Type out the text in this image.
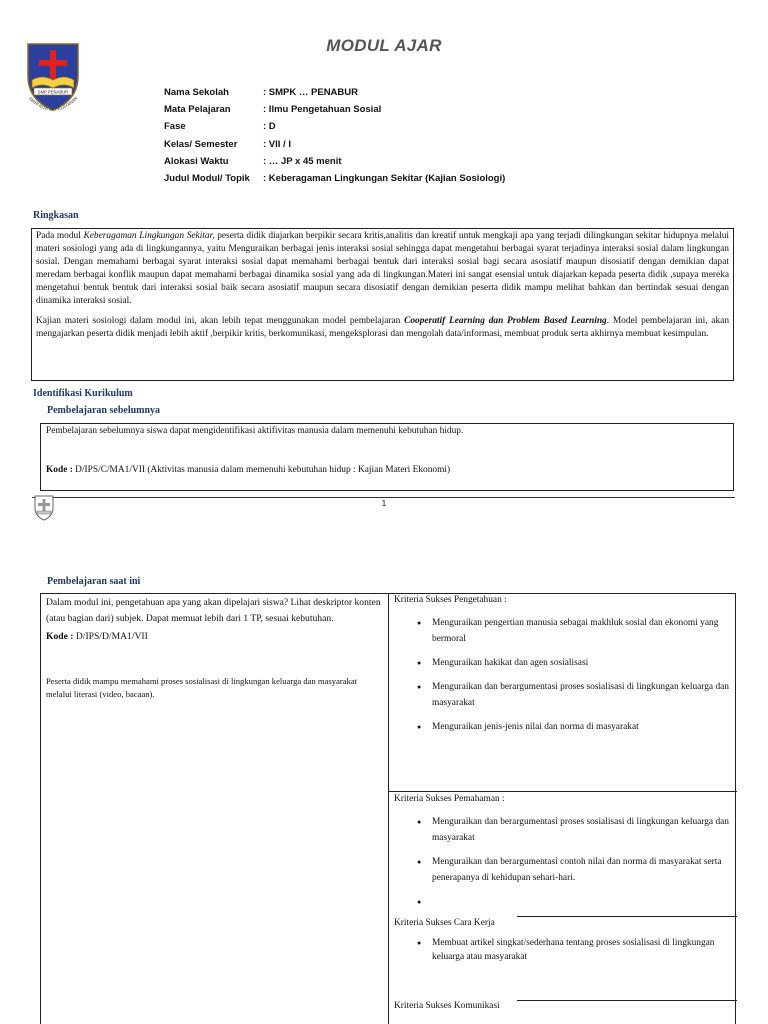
MODUL AJAR
SMP PENABUR
MARI KITA INI PELAYANAN
Nama Sekolah	: SMPK … PENABUR
Mata Pelajaran	: Ilmu Pengetahuan Sosial
Fase	: D
Kelas/ Semester	: VII / I
Alokasi Waktu	: … JP x 45 menit
Judul Modul/ Topik	: Keberagaman Lingkungan Sekitar (Kajian Sosiologi)
Ringkasan

Pada modul Keberagaman Lingkungan Sekitar, peserta didik diajarkan berpikir secara kritis,analitis dan kreatif untuk mengkaji apa yang terjadi dilingkungan sekitar hidupnya melalui materi sosiologi yang ada di lingkungannya, yaitu Menguraikan berbagai jenis interaksi sosial sehingga dapat mengetahui berbagai syarat terjadinya interaksi sosial dalam lingkungan sosial. Dengan memahami berbagai syarat interaksi sosial dapat memahami berbagai bentuk dari interaksi sosial bagi secara asosiatif maupun disosiatif dengan demikian dapat meredam berbagai konflik maupun dapat memahami berbagai dinamika sosial yang ada di lingkungan.Materi ini sangat esensial untuk diajarkan kepada peserta didik ,supaya mereka mengetahui bentuk bentuk dari interaksi sosial baik secara asosiatif maupun secara disosiatif dengan demikian peserta didik mampu melihat bahkan dan bertindak sesuai dengan dinamika interaksi sosial.

Kajian materi sosiologi dalam modul ini, akan lebih tepat menggunakan model pembelajaran Cooperatif Learning dan Problem Based Learning. Model pembelajaran ini, akan mengajarkan peserta didik menjadi lebih aktif ,berpikir kritis, berkomunikasi, mengeksplorasi dan mengolah data/informasi, membuat produk serta akhirnya membuat kesimpulan.

Identifikasi Kurikulum
Pembelajaran sebelumnya
Pembelajaran sebelumnya siswa dapat mengidentifikasi aktifivitas manusia dalam memenuhi kebutuhan hidup.
Kode : D/IPS/C/MA1/VII (Aktivitas manusia dalam memenuhi kebutuhan hidup : Kajian Materi Ekonomi)
1
Pembelajaran saat ini
Dalam modul ini, pengetahuan apa yang akan dipelajari siswa? Lihat deskriptor konten (atau bagian dari) subjek. Dapat memuat lebih dari 1 TP, sesuai kebutuhan.
Kode : D/IPS/D/MA1/VII
Peserta didik mampu memahami proses sosialisasi di lingkungan keluarga dan masyarakat melalui literasi (video, bacaan).
Kriteria Sukses Pengetahuan :
● Menguraikan pengertian manusia sebagai makhluk sosial dan ekonomi yang bermoral
● Menguraikan hakikat dan agen sosialisasi
● Menguraikan dan berargumentasi proses sosialisasi di lingkungan keluarga dan masyarakat
● Menguraikan jenis-jenis nilai dan norma di masyarakat
Kriteria Sukses Pemahaman :
● Menguraikan dan berargumentasi proses sosialisasi di lingkungan keluarga dan masyarakat
● Menguraikan dan berargumentasi contoh nilai dan norma di masyarakat serta penerapanya di kehidupan sehari-hari.
Kriteria Sukses Cara Kerja
● Membuat artikel singkat/sederhana tentang proses sosialisasi di lingkungan keluarga atau masyarakat
Kriteria Sukses Komunikasi
